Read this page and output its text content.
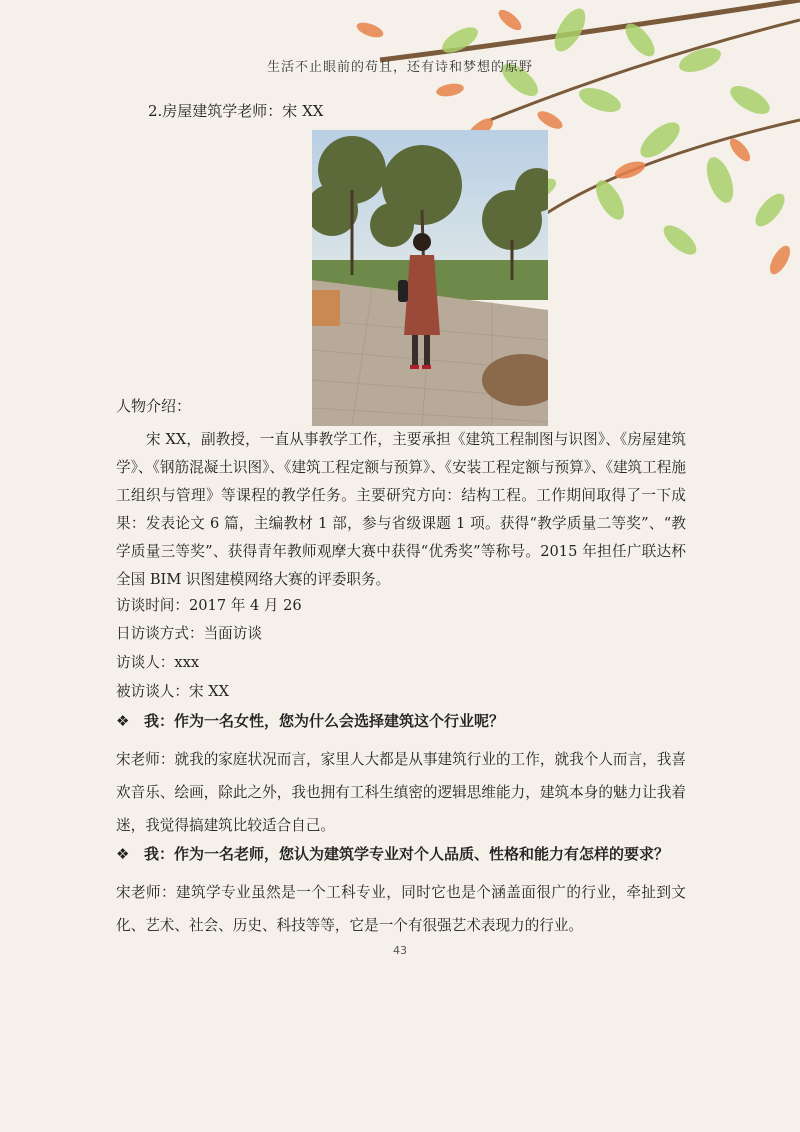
生活不止眼前的苟且，还有诗和梦想的原野
2.房屋建筑学老师：宋 XX
人物介绍：
宋 XX，副教授，一直从事教学工作，主要承担《建筑工程制图与识图》、《房屋建筑学》、《钢筋混凝土识图》、《建筑工程定额与预算》、《安装工程定额与预算》、《建筑工程施工组织与管理》等课程的教学任务。主要研究方向：结构工程。工作期间取得了一下成果：发表论文 6 篇，主编教材 1 部，参与省级课题 1 项。获得“教学质量二等奖”、“教学质量三等奖”、获得青年教师观摩大赛中获得“优秀奖”等称号。2015 年担任广联达杯全国 BIM 识图建模网络大赛的评委职务。
访谈时间：2017 年 4 月 26
日访谈方式：当面访谈
访谈人：xxx
被访谈人：宋 XX
❖ 我：作为一名女性，您为什么会选择建筑这个行业呢？
宋老师：就我的家庭状况而言，家里人大都是从事建筑行业的工作，就我个人而言，我喜欢音乐、绘画，除此之外，我也拥有工科生缜密的逻辑思维能力，建筑本身的魅力让我着迷，我觉得搞建筑比较适合自己。
❖ 我：作为一名老师，您认为建筑学专业对个人品质、性格和能力有怎样的要求？
宋老师：建筑学专业虽然是一个工科专业，同时它也是个涵盖面很广的行业，牵扯到文化、艺术、社会、历史、科技等等，它是一个有很强艺术表现力的行业。
43
